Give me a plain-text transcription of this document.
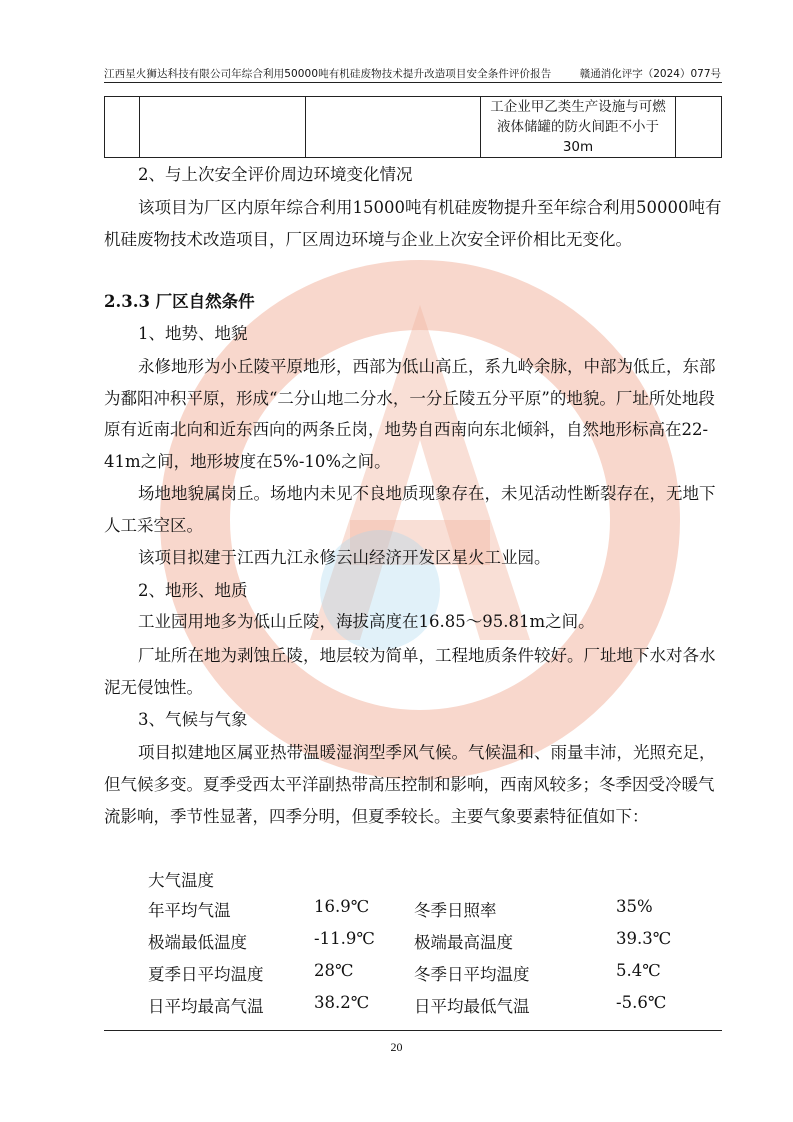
江西星火狮达科技有限公司年综合利用50000吨有机硅废物技术提升改造项目安全条件评价报告	赣通消化评字（2024）077号

工企业甲乙类生产设施与可燃液体储罐的防火间距不小于30m

2、与上次安全评价周边环境变化情况
该项目为厂区内原年综合利用15000吨有机硅废物提升至年综合利用50000吨有机硅废物技术改造项目，厂区周边环境与企业上次安全评价相比无变化。
2.3.3 厂区自然条件
1、地势、地貌
永修地形为小丘陵平原地形，西部为低山高丘，系九岭余脉，中部为低丘，东部为鄱阳冲积平原，形成“二分山地二分水，一分丘陵五分平原”的地貌。厂址所处地段原有近南北向和近东西向的两条丘岗，地势自西南向东北倾斜，自然地形标高在22-41m之间，地形坡度在5%-10%之间。
场地地貌属岗丘。场地内未见不良地质现象存在，未见活动性断裂存在，无地下人工采空区。
该项目拟建于江西九江永修云山经济开发区星火工业园。
2、地形、地质
工业园用地多为低山丘陵，海拔高度在16.85～95.81m之间。
厂址所在地为剥蚀丘陵，地层较为简单，工程地质条件较好。厂址地下水对各水泥无侵蚀性。
3、气候与气象
项目拟建地区属亚热带温暖湿润型季风气候。气候温和、雨量丰沛，光照充足，但气候多变。夏季受西太平洋副热带高压控制和影响，西南风较多；冬季因受冷暖气流影响，季节性显著，四季分明，但夏季较长。主要气象要素特征值如下：
大气温度
年平均气温	16.9℃	冬季日照率	35%
极端最低温度	-11.9℃ 极端最高温度	39.3℃
夏季日平均温度	28℃	冬季日平均温度	5.4℃
日平均最高气温	38.2℃	日平均最低气温	-5.6℃
20
